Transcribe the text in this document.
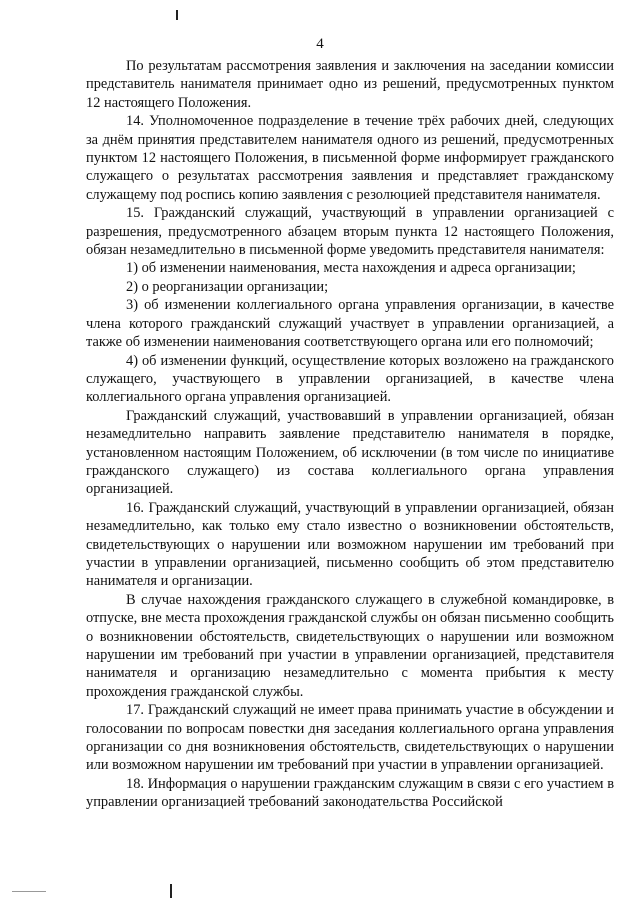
4

По результатам рассмотрения заявления и заключения на заседании комиссии представитель нанимателя принимает одно из решений, предусмотренных пунктом 12 настоящего Положения.

14. Уполномоченное подразделение в течение трёх рабочих дней, следующих за днём принятия представителем нанимателя одного из решений, предусмотренных пунктом 12 настоящего Положения, в письменной форме информирует гражданского служащего о результатах рассмотрения заявления и представляет гражданскому служащему под роспись копию заявления с резолюцией представителя нанимателя.

15. Гражданский служащий, участвующий в управлении организацией с разрешения, предусмотренного абзацем вторым пункта 12 настоящего Положения, обязан незамедлительно в письменной форме уведомить представителя нанимателя:

1) об изменении наименования, места нахождения и адреса организации;

2) о реорганизации организации;

3) об изменении коллегиального органа управления организации, в качестве члена которого гражданский служащий участвует в управлении организацией, а также об изменении наименования соответствующего органа или его полномочий;

4) об изменении функций, осуществление которых возложено на гражданского служащего, участвующего в управлении организацией, в качестве члена коллегиального органа управления организацией.

Гражданский служащий, участвовавший в управлении организацией, обязан незамедлительно направить заявление представителю нанимателя в порядке, установленном настоящим Положением, об исключении (в том числе по инициативе гражданского служащего) из состава коллегиального органа управления организацией.

16. Гражданский служащий, участвующий в управлении организацией, обязан незамедлительно, как только ему стало известно о возникновении обстоятельств, свидетельствующих о нарушении или возможном нарушении им требований при участии в управлении организацией, письменно сообщить об этом представителю нанимателя и организации.

В случае нахождения гражданского служащего в служебной командировке, в отпуске, вне места прохождения гражданской службы он обязан письменно сообщить о возникновении обстоятельств, свидетельствующих о нарушении или возможном нарушении им требований при участии в управлении организацией, представителя нанимателя и организацию незамедлительно с момента прибытия к месту прохождения гражданской службы.

17. Гражданский служащий не имеет права принимать участие в обсуждении и голосовании по вопросам повестки дня заседания коллегиального органа управления организации со дня возникновения обстоятельств, свидетельствующих о нарушении или возможном нарушении им требований при участии в управлении организацией.

18. Информация о нарушении гражданским служащим в связи с его участием в управлении организацией требований законодательства Российской
